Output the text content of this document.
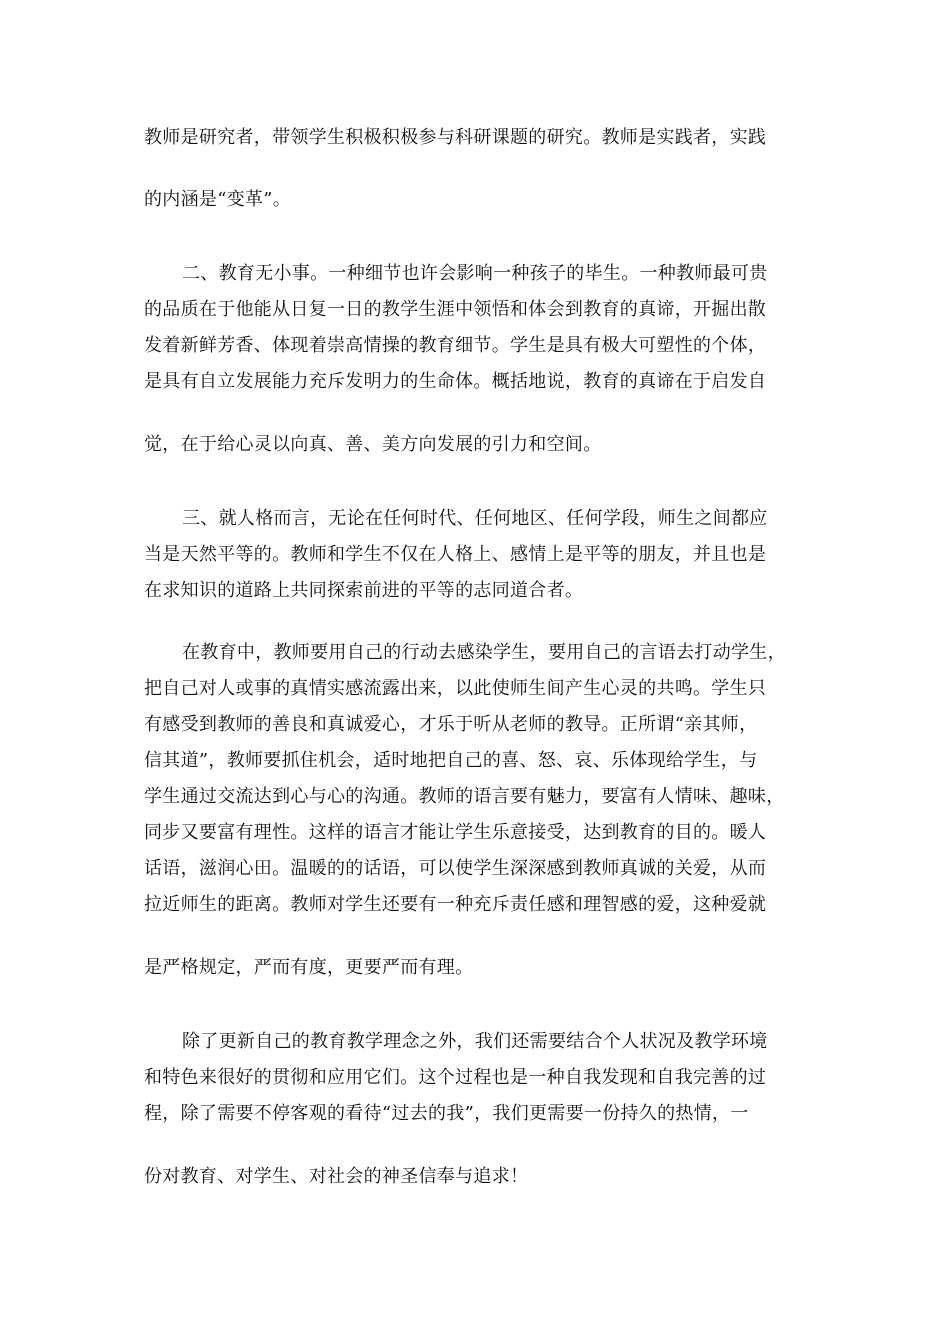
教师是研究者，带领学生积极积极参与科研课题的研究。教师是实践者，实践
的内涵是“变革”。
二、教育无小事。一种细节也许会影响一种孩子的毕生。一种教师最可贵
的品质在于他能从日复一日的教学生涯中领悟和体会到教育的真谛，开掘出散
发着新鲜芳香、体现着崇高情操的教育细节。学生是具有极大可塑性的个体，
是具有自立发展能力充斥发明力的生命体。概括地说，教育的真谛在于启发自
觉，在于给心灵以向真、善、美方向发展的引力和空间。
三、就人格而言，无论在任何时代、任何地区、任何学段，师生之间都应
当是天然平等的。教师和学生不仅在人格上、感情上是平等的朋友，并且也是
在求知识的道路上共同探索前进的平等的志同道合者。
在教育中，教师要用自己的行动去感染学生，要用自己的言语去打动学生，
把自己对人或事的真情实感流露出来，以此使师生间产生心灵的共鸣。学生只
有感受到教师的善良和真诚爱心，才乐于听从老师的教导。正所谓“亲其师，
信其道”，教师要抓住机会，适时地把自己的喜、怒、哀、乐体现给学生，与
学生通过交流达到心与心的沟通。教师的语言要有魅力，要富有人情味、趣味，
同步又要富有理性。这样的语言才能让学生乐意接受，达到教育的目的。暖人
话语，滋润心田。温暖的的话语，可以使学生深深感到教师真诚的关爱，从而
拉近师生的距离。教师对学生还要有一种充斥责任感和理智感的爱，这种爱就
是严格规定，严而有度，更要严而有理。
除了更新自己的教育教学理念之外，我们还需要结合个人状况及教学环境
和特色来很好的贯彻和应用它们。这个过程也是一种自我发现和自我完善的过
程，除了需要不停客观的看待“过去的我”，我们更需要一份持久的热情，一
份对教育、对学生、对社会的神圣信奉与追求！
